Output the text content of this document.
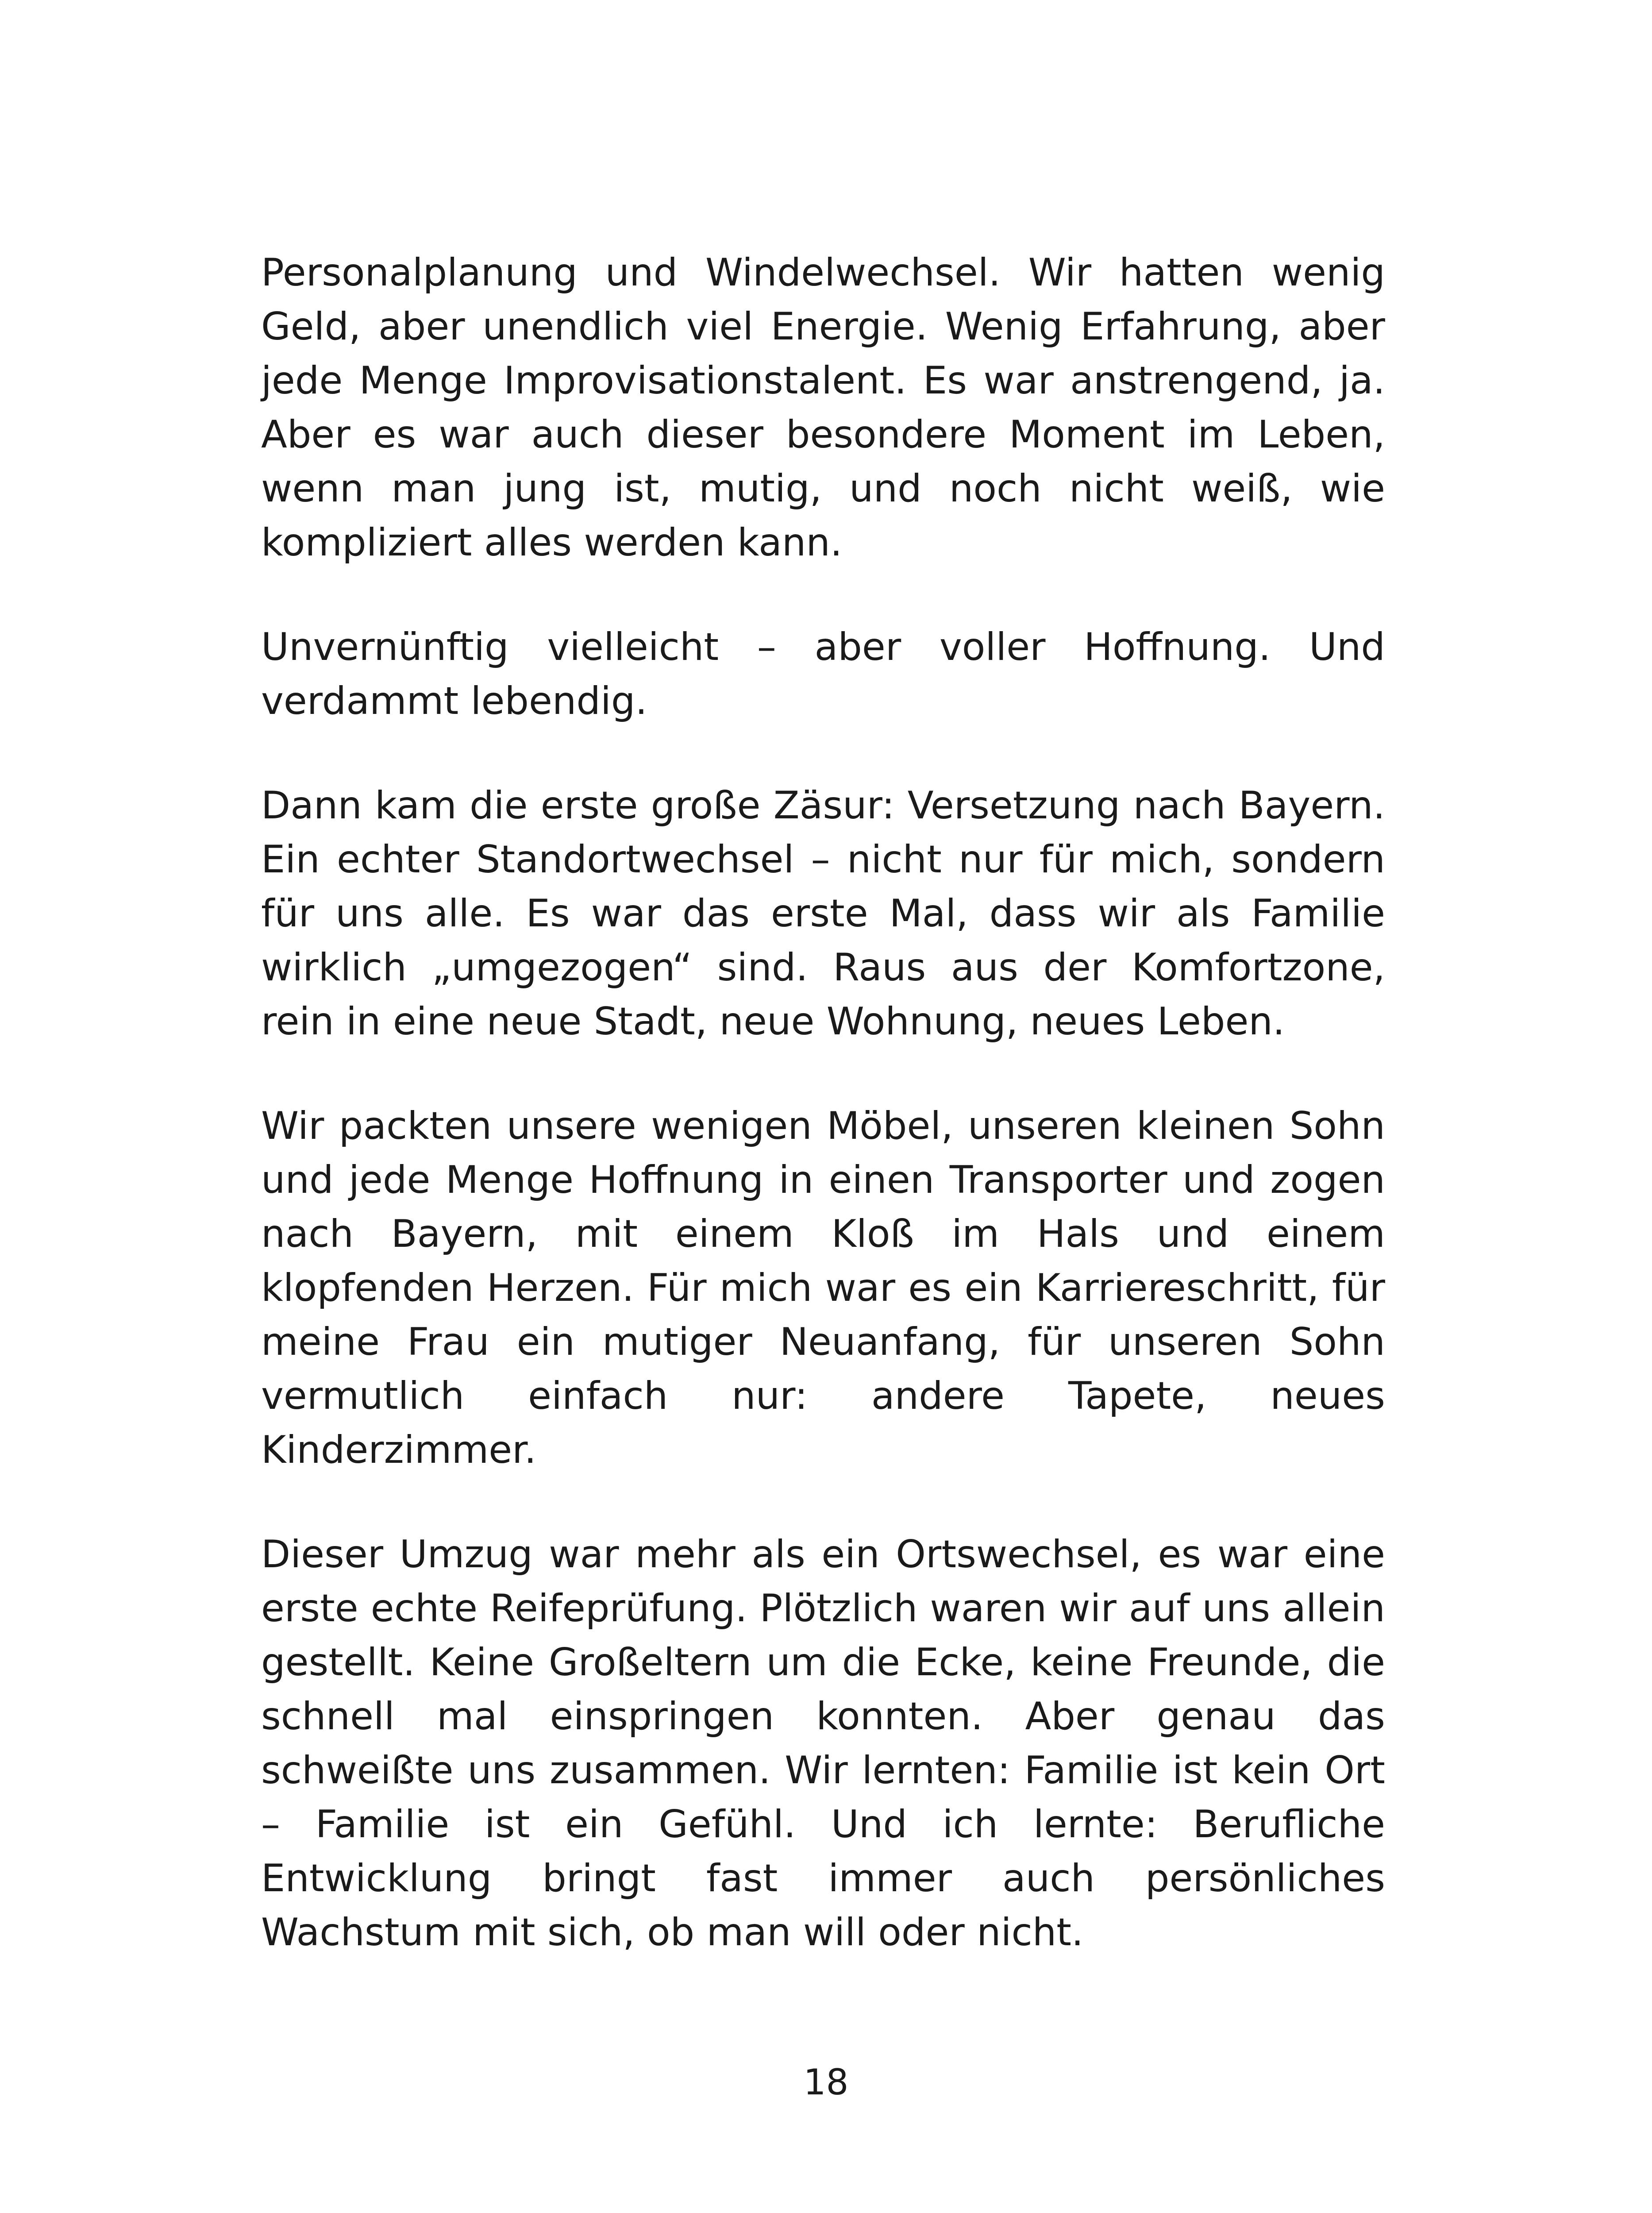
Personalplanung und Windelwechsel. Wir hatten wenig Geld, aber unendlich viel Energie. Wenig Erfahrung, aber jede Menge Improvisationstalent. Es war anstrengend, ja. Aber es war auch dieser besondere Moment im Leben, wenn man jung ist, mutig, und noch nicht weiß, wie kompliziert alles werden kann.

Unvernünftig vielleicht – aber voller Hoffnung. Und verdammt lebendig.

Dann kam die erste große Zäsur: Versetzung nach Bayern. Ein echter Standortwechsel – nicht nur für mich, sondern für uns alle. Es war das erste Mal, dass wir als Familie wirklich „umgezogen“ sind. Raus aus der Komfortzone, rein in eine neue Stadt, neue Wohnung, neues Leben.

Wir packten unsere wenigen Möbel, unseren kleinen Sohn und jede Menge Hoffnung in einen Transporter und zogen nach Bayern, mit einem Kloß im Hals und einem klopfenden Herzen. Für mich war es ein Karriereschritt, für meine Frau ein mutiger Neuanfang, für unseren Sohn vermutlich einfach nur: andere Tapete, neues Kinderzimmer.

Dieser Umzug war mehr als ein Ortswechsel, es war eine erste echte Reifeprüfung. Plötzlich waren wir auf uns allein gestellt. Keine Großeltern um die Ecke, keine Freunde, die schnell mal einspringen konnten. Aber genau das schweißte uns zusammen. Wir lernten: Familie ist kein Ort – Familie ist ein Gefühl. Und ich lernte: Berufliche Entwicklung bringt fast immer auch persönliches Wachstum mit sich, ob man will oder nicht.

18
